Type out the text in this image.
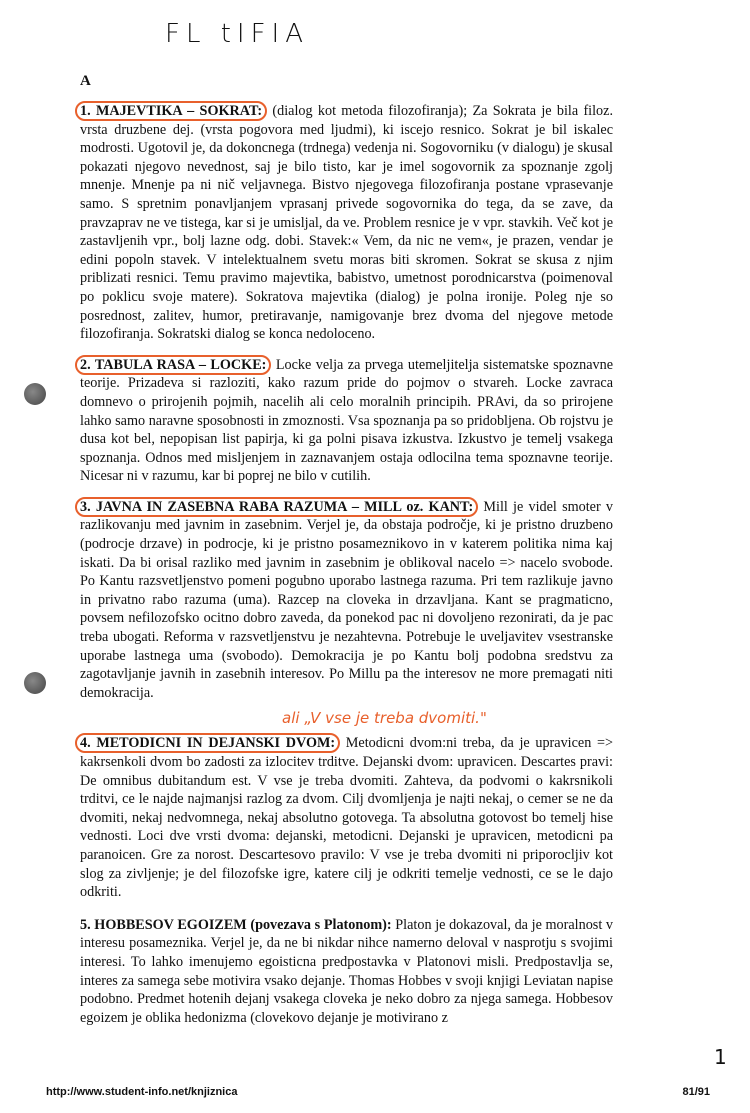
FL tIFIA
A
1. MAJEVTIKA – SOKRAT: (dialog kot metoda filozofiranja); Za Sokrata je bila filoz. vrsta druzbene dej. (vrsta pogovora med ljudmi), ki iscejo resnico. Sokrat je bil iskalec modrosti. Ugotovil je, da dokoncnega (trdnega) vedenja ni. Sogovorniku (v dialogu) je skusal pokazati njegovo nevednost, saj je bilo tisto, kar je imel sogovornik za spoznanje zgolj mnenje. Mnenje pa ni nič veljavnega. Bistvo njegovega filozofiranja postane vprasevanje samo. S spretnim ponavljanjem vprasanj privede sogovornika do tega, da se zave, da pravzaprav ne ve tistega, kar si je umisljal, da ve. Problem resnice je v vpr. stavkih. Več kot je zastavljenih vpr., bolj lazne odg. dobi. Stavek:« Vem, da nic ne vem«, je prazen, vendar je edini popoln stavek. V intelektualnem svetu moras biti skromen. Sokrat se skusa z njim priblizati resnici. Temu pravimo majevtika, babistvo, umetnost porodnicarstva (poimenoval po poklicu svoje matere). Sokratova majevtika (dialog) je polna ironije. Poleg nje so posrednost, zalitev, humor, pretiravanje, namigovanje brez dvoma del njegove metode filozofiranja. Sokratski dialog se konca nedoloceno.
2. TABULA RASA – LOCKE: Locke velja za prvega utemeljitelja sistematske spoznavne teorije. Prizadeva si razloziti, kako razum pride do pojmov o stvareh. Locke zavraca domnevo o prirojenih pojmih, nacelih ali celo moralnih principih. PRAvi, da so prirojene lahko samo naravne sposobnosti in zmoznosti. Vsa spoznanja pa so pridobljena. Ob rojstvu je dusa kot bel, nepopisan list papirja, ki ga polni pisava izkustva. Izkustvo je temelj vsakega spoznanja. Odnos med misljenjem in zaznavanjem ostaja odlocilna tema spoznavne teorije. Nicesar ni v razumu, kar bi poprej ne bilo v cutilih.
3. JAVNA IN ZASEBNA RABA RAZUMA – MILL oz. KANT: Mill je videl smoter v razlikovanju med javnim in zasebnim. Verjel je, da obstaja področje, ki je pristno druzbeno (podrocje drzave) in podrocje, ki je pristno posameznikovo in v katerem politika nima kaj iskati. Da bi orisal razliko med javnim in zasebnim je oblikoval nacelo => nacelo svobode. Po Kantu razsvetljenstvo pomeni pogubno uporabo lastnega razuma. Pri tem razlikuje javno in privatno rabo razuma (uma). Razcep na cloveka in drzavljana. Kant se pragmaticno, povsem nefilozofsko ocitno dobro zaveda, da ponekod pac ni dovoljeno rezonirati, da je pac treba ubogati. Reforma v razsvetljenstvu je nezahtevna. Potrebuje le uveljavitev vsestranske uporabe lastnega uma (svobodo). Demokracija je po Kantu bolj podobna sredstvu za zagotavljanje javnih in zasebnih interesov. Po Millu pa the interesov ne more premagati niti demokracija.
ali „V vse je treba dvomiti."
4. METODICNI IN DEJANSKI DVOM: Metodicni dvom:ni treba, da je upravicen => kakrsenkoli dvom bo zadosti za izlocitev trditve. Dejanski dvom: upravicen. Descartes pravi: De omnibus dubitandum est. V vse je treba dvomiti. Zahteva, da podvomi o kakrsnikoli trditvi, ce le najde najmanjsi razlog za dvom. Cilj dvomljenja je najti nekaj, o cemer se ne da dvomiti, nekaj nedvomnega, nekaj absolutno gotovega. Ta absolutna gotovost bo temelj hise vednosti. Loci dve vrsti dvoma: dejanski, metodicni. Dejanski je upravicen, metodicni pa paranoicen. Gre za norost. Descartesovo pravilo: V vse je treba dvomiti ni priporocljiv kot slog za zivljenje; je del filozofske igre, katere cilj je odkriti temelje vednosti, ce se le dajo odkriti.
5. HOBBESOV EGOIZEM (povezava s Platonom): Platon je dokazoval, da je moralnost v interesu posameznika. Verjel je, da ne bi nikdar nihce namerno deloval v nasprotju s svojimi interesi. To lahko imenujemo egoisticna predpostavka v Platonovi misli. Predpostavlja se, interes za samega sebe motivira vsako dejanje. Thomas Hobbes v svoji knjigi Leviatan napise podobno. Predmet hotenih dejanj vsakega cloveka je neko dobro za njega samega. Hobbesov egoizem je oblika hedonizma (clovekovo dejanje je motivirano z
1
http://www.student-info.net/knjiznica	81/91
